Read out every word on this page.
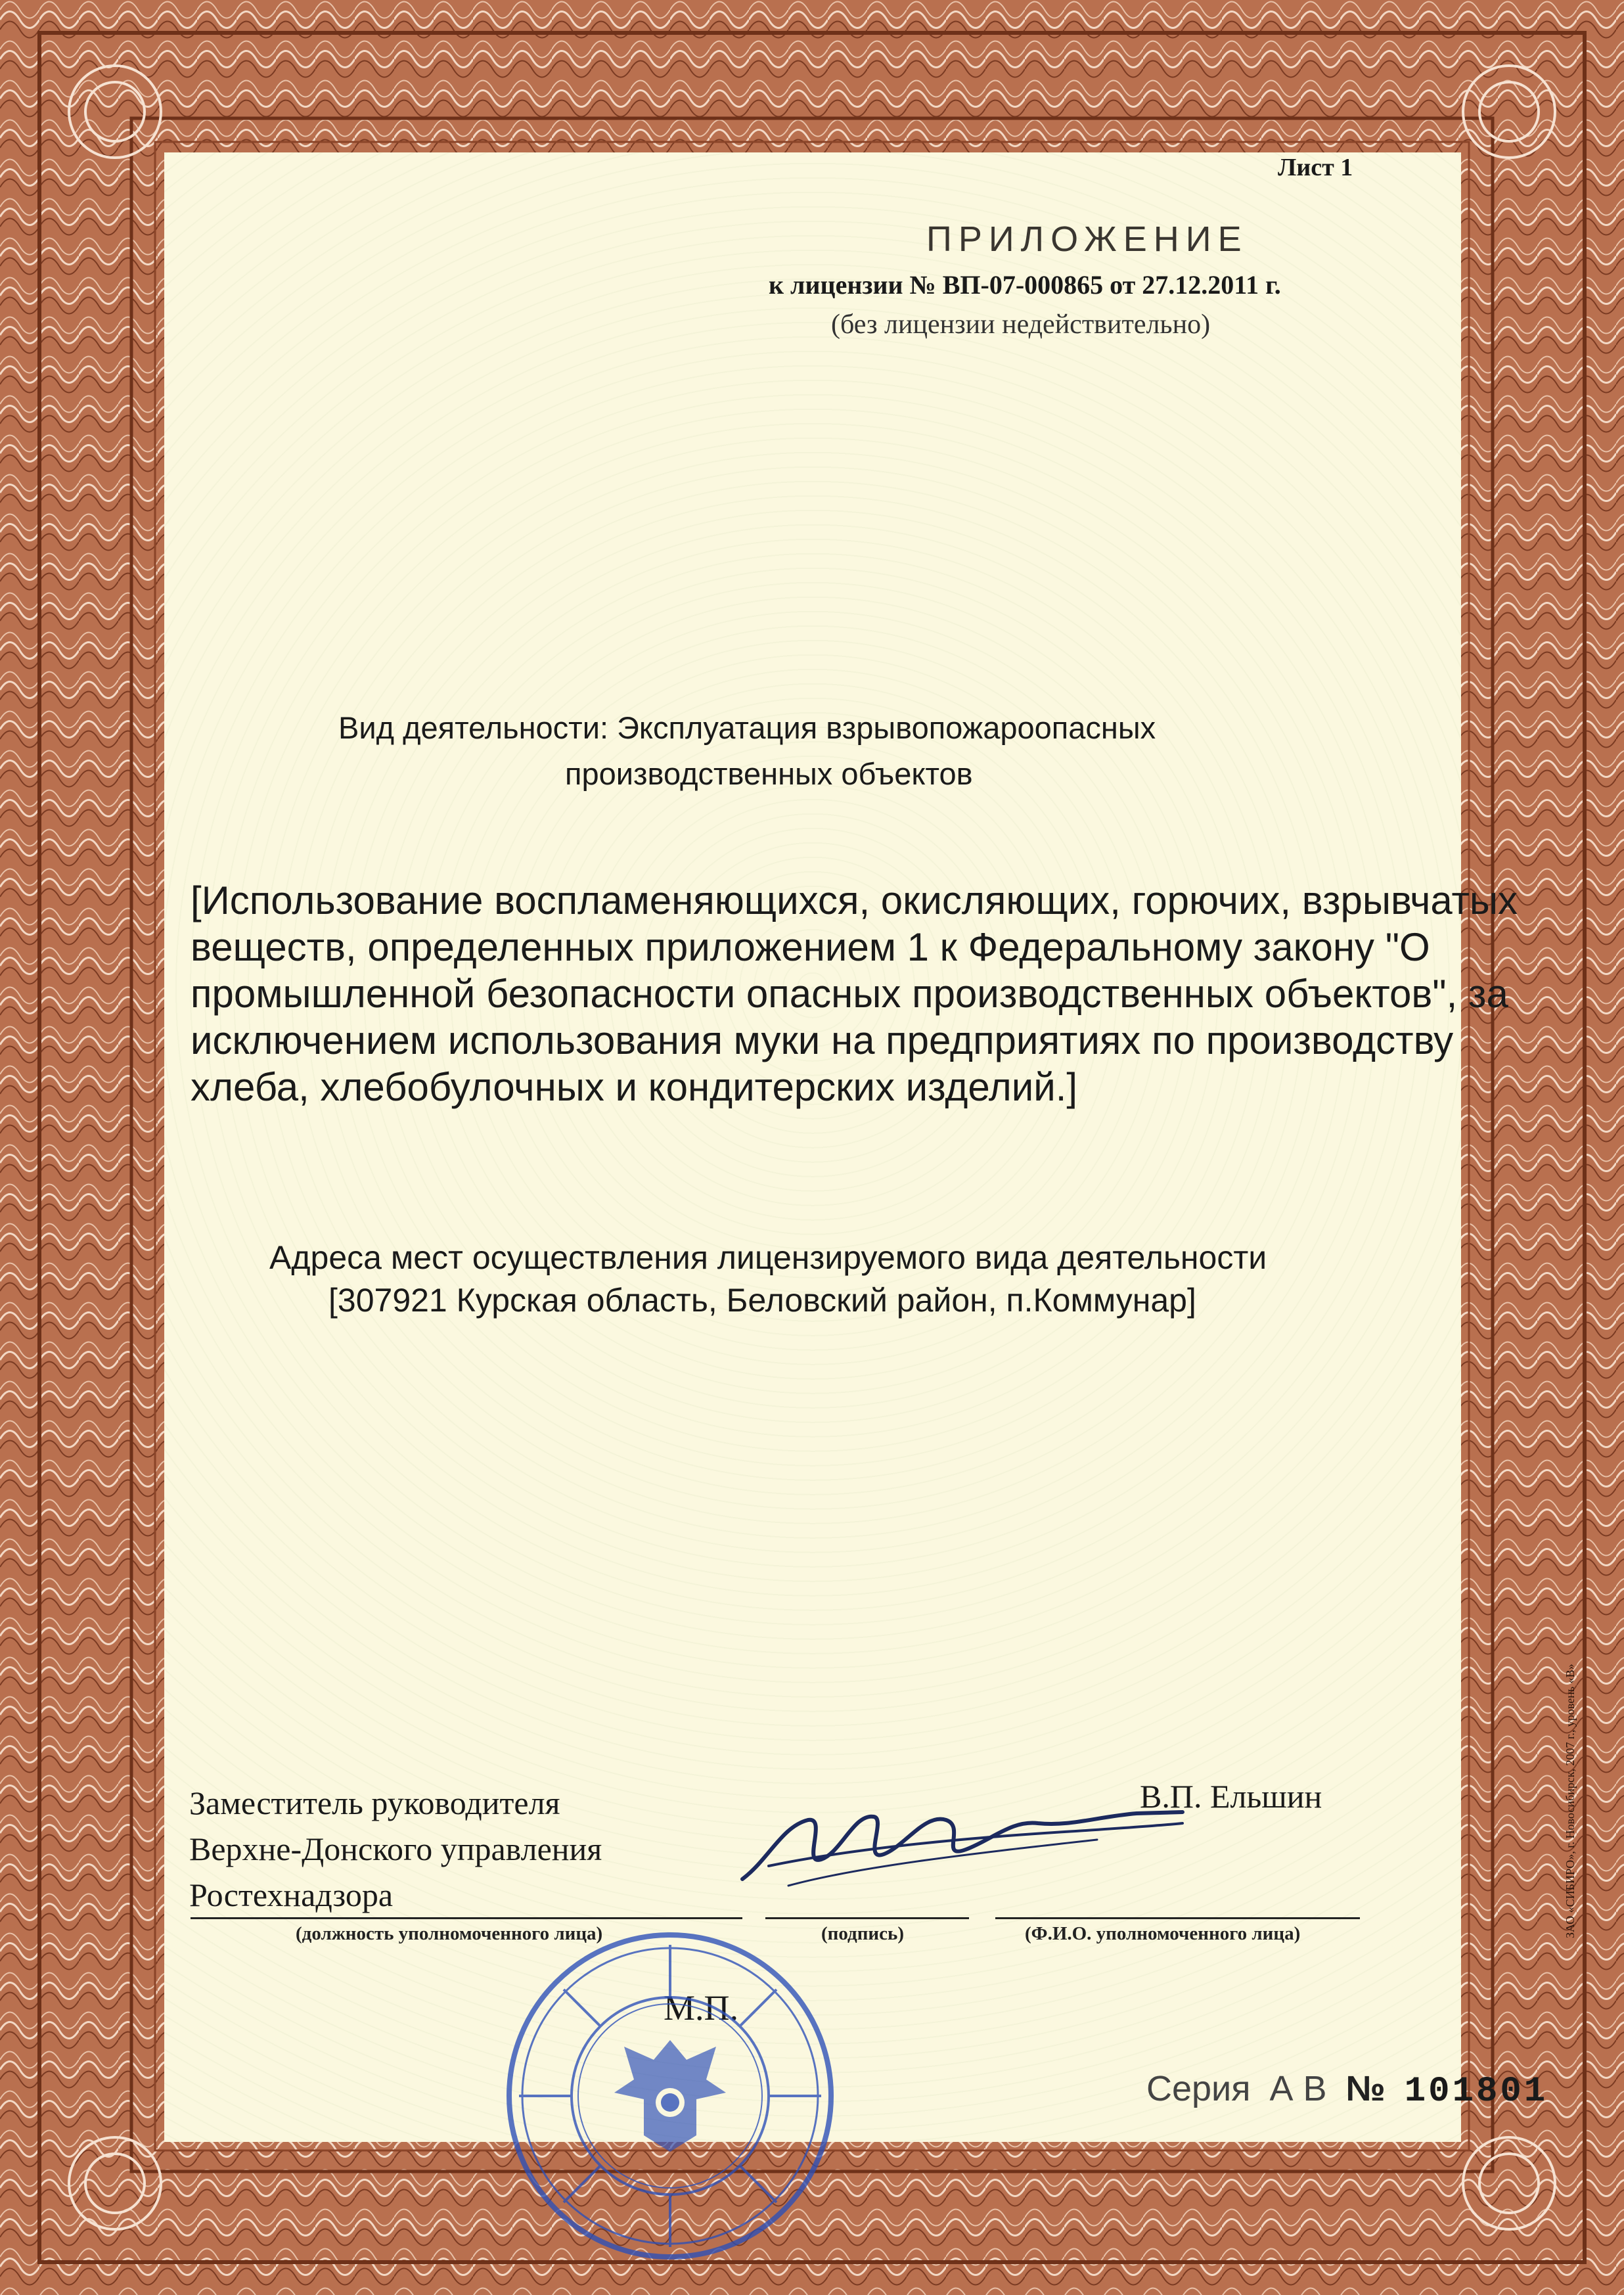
Лист 1
ПРИЛОЖЕНИЕ
к лицензии № ВП-07-000865 от 27.12.2011 г.
(без лицензии недействительно)
Вид деятельности: Эксплуатация взрывопожароопасных
производственных объектов
[Использование воспламеняющихся, окисляющих, горючих, взрывчатых
веществ, определенных приложением 1 к Федеральному закону "О
промышленной безопасности опасных производственных объектов", за
исключением использования муки на предприятиях по производству
хлеба, хлебобулочных и кондитерских изделий.]
Адреса мест осуществления лицензируемого вида деятельности
[307921 Курская область, Беловский район, п.Коммунар]
Заместитель руководителя
Верхне-Донского управления
Ростехнадзора
В.П. Ельшин
(должность уполномоченного лица)	(подпись)	(Ф.И.О. уполномоченного лица)
М.П.
Серия А В № 101801
ЗАО «СИБИРО», г. Новосибирск, 2007 г., уровень «В»
